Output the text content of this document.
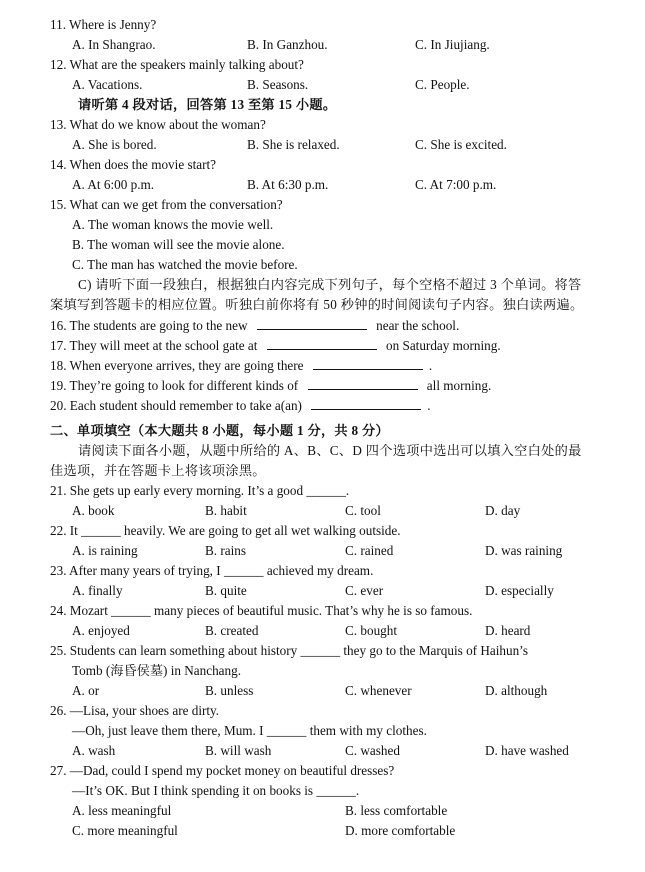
11. Where is Jenny?
A. In Shangrao.	B. In Ganzhou.	C. In Jiujiang.
12. What are the speakers mainly talking about?
A. Vacations.	B. Seasons.	C. People.
请听第 4 段对话，回答第 13 至第 15 小题。
13. What do we know about the woman?
A. She is bored.	B. She is relaxed.	C. She is excited.
14. When does the movie start?
A. At 6:00 p.m.	B. At 6:30 p.m.	C. At 7:00 p.m.
15. What can we get from the conversation?
A. The woman knows the movie well.
B. The woman will see the movie alone.
C. The man has watched the movie before.
C) 请听下面一段独白，根据独白内容完成下列句子，每个空格不超过 3 个单词。将答
案填写到答题卡的相应位置。听独白前你将有 50 秒钟的时间阅读句子内容。独白读两遍。
16. The students are going to the new	near the school.
17. They will meet at the school gate at	on Saturday morning.
18. When everyone arrives, they are going there	.
19. They’re going to look for different kinds of	all morning.
20. Each student should remember to take a(an)	.
二、单项填空（本大题共 8 小题，每小题 1 分，共 8 分）
请阅读下面各小题，从题中所给的 A、B、C、D 四个选项中选出可以填入空白处的最
佳选项，并在答题卡上将该项涂黑。
21. She gets up early every morning. It’s a good ______.
A. book	B. habit	C. tool	D. day
22. It ______ heavily. We are going to get all wet walking outside.
A. is raining	B. rains	C. rained	D. was raining
23. After many years of trying, I ______ achieved my dream.
A. finally	B. quite	C. ever	D. especially
24. Mozart ______ many pieces of beautiful music. That’s why he is so famous.
A. enjoyed	B. created	C. bought	D. heard
25. Students can learn something about history ______ they go to the Marquis of Haihun’s
Tomb (海昏侯墓) in Nanchang.
A. or	B. unless	C. whenever	D. although
26. —Lisa, your shoes are dirty.
—Oh, just leave them there, Mum. I ______ them with my clothes.
A. wash	B. will wash	C. washed	D. have washed
27. —Dad, could I spend my pocket money on beautiful dresses?
—It’s OK. But I think spending it on books is ______.
A. less meaningful	B. less comfortable
C. more meaningful	D. more comfortable
